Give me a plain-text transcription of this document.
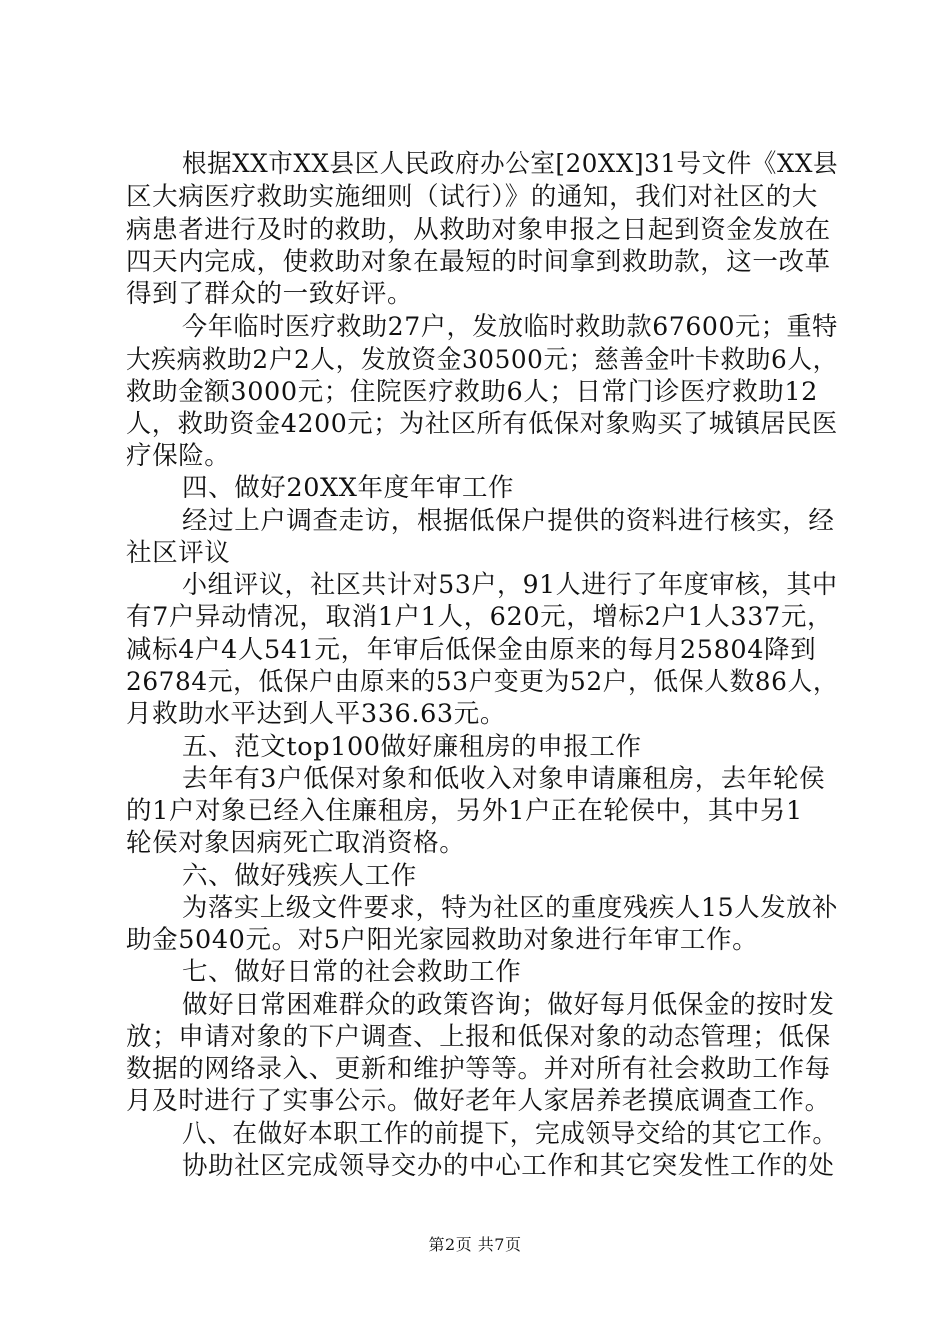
根据XX市XX县区人民政府办公室[20XX]31号文件《XX县
区大病医疗救助实施细则（试行）》的通知，我们对社区的大
病患者进行及时的救助，从救助对象申报之日起到资金发放在
四天内完成，使救助对象在最短的时间拿到救助款，这一改革
得到了群众的一致好评。
今年临时医疗救助27户，发放临时救助款67600元；重特
大疾病救助2户2人，发放资金30500元；慈善金叶卡救助6人，
救助金额3000元；住院医疗救助6人；日常门诊医疗救助12
人，救助资金4200元；为社区所有低保对象购买了城镇居民医
疗保险。
四、做好20XX年度年审工作
经过上户调查走访，根据低保户提供的资料进行核实，经
社区评议
小组评议，社区共计对53户，91人进行了年度审核，其中
有7户异动情况，取消1户1人，620元，增标2户1人337元，
减标4户4人541元，年审后低保金由原来的每月25804降到
26784元，低保户由原来的53户变更为52户，低保人数86人，
月救助水平达到人平336.63元。
五、范文top100做好廉租房的申报工作
去年有3户低保对象和低收入对象申请廉租房，去年轮侯
的1户对象已经入住廉租房，另外1户正在轮侯中，其中另1
轮侯对象因病死亡取消资格。
六、做好残疾人工作
为落实上级文件要求，特为社区的重度残疾人15人发放补
助金5040元。对5户阳光家园救助对象进行年审工作。
七、做好日常的社会救助工作
做好日常困难群众的政策咨询；做好每月低保金的按时发
放；申请对象的下户调查、上报和低保对象的动态管理；低保
数据的网络录入、更新和维护等等。并对所有社会救助工作每
月及时进行了实事公示。做好老年人家居养老摸底调查工作。
八、在做好本职工作的前提下，完成领导交给的其它工作。
协助社区完成领导交办的中心工作和其它突发性工作的处
第2页 共7页
